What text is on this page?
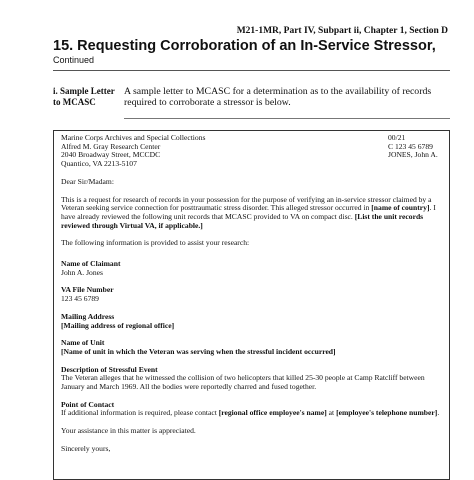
M21-1MR, Part IV, Subpart ii, Chapter 1, Section D
15. Requesting Corroboration of an In-Service Stressor,
Continued
i. Sample Letter to MCASC
A sample letter to MCASC for a determination as to the availability of records required to corroborate a stressor is below.
Marine Corps Archives and Special Collections
Alfred M. Gray Research Center
2040 Broadway Street, MCCDC
Quantico, VA 2213-5107
00/21
C 123 45 6789
JONES, John A.

Dear Sir/Madam:

This is a request for research of records in your possession for the purpose of verifying an in-service stressor claimed by a Veteran seeking service connection for posttraumatic stress disorder. This alleged stressor occurred in [name of country]. I have already reviewed the following unit records that MCASC provided to VA on compact disc. [List the unit records reviewed through Virtual VA, if applicable.]

The following information is provided to assist your research:

Name of Claimant

John A. Jones

VA File Number

123 45 6789

Mailing Address

[Mailing address of regional office]

Name of Unit

[Name of unit in which the Veteran was serving when the stressful incident occurred]

Description of Stressful Event

The Veteran alleges that he witnessed the collision of two helicopters that killed 25-30 people at Camp Ratcliff between January and March 1969. All the bodies were reportedly charred and fused together.

Point of Contact

If additional information is required, please contact [regional office employee's name] at [employee's telephone number].

Your assistance in this matter is appreciated.

Sincerely yours,
